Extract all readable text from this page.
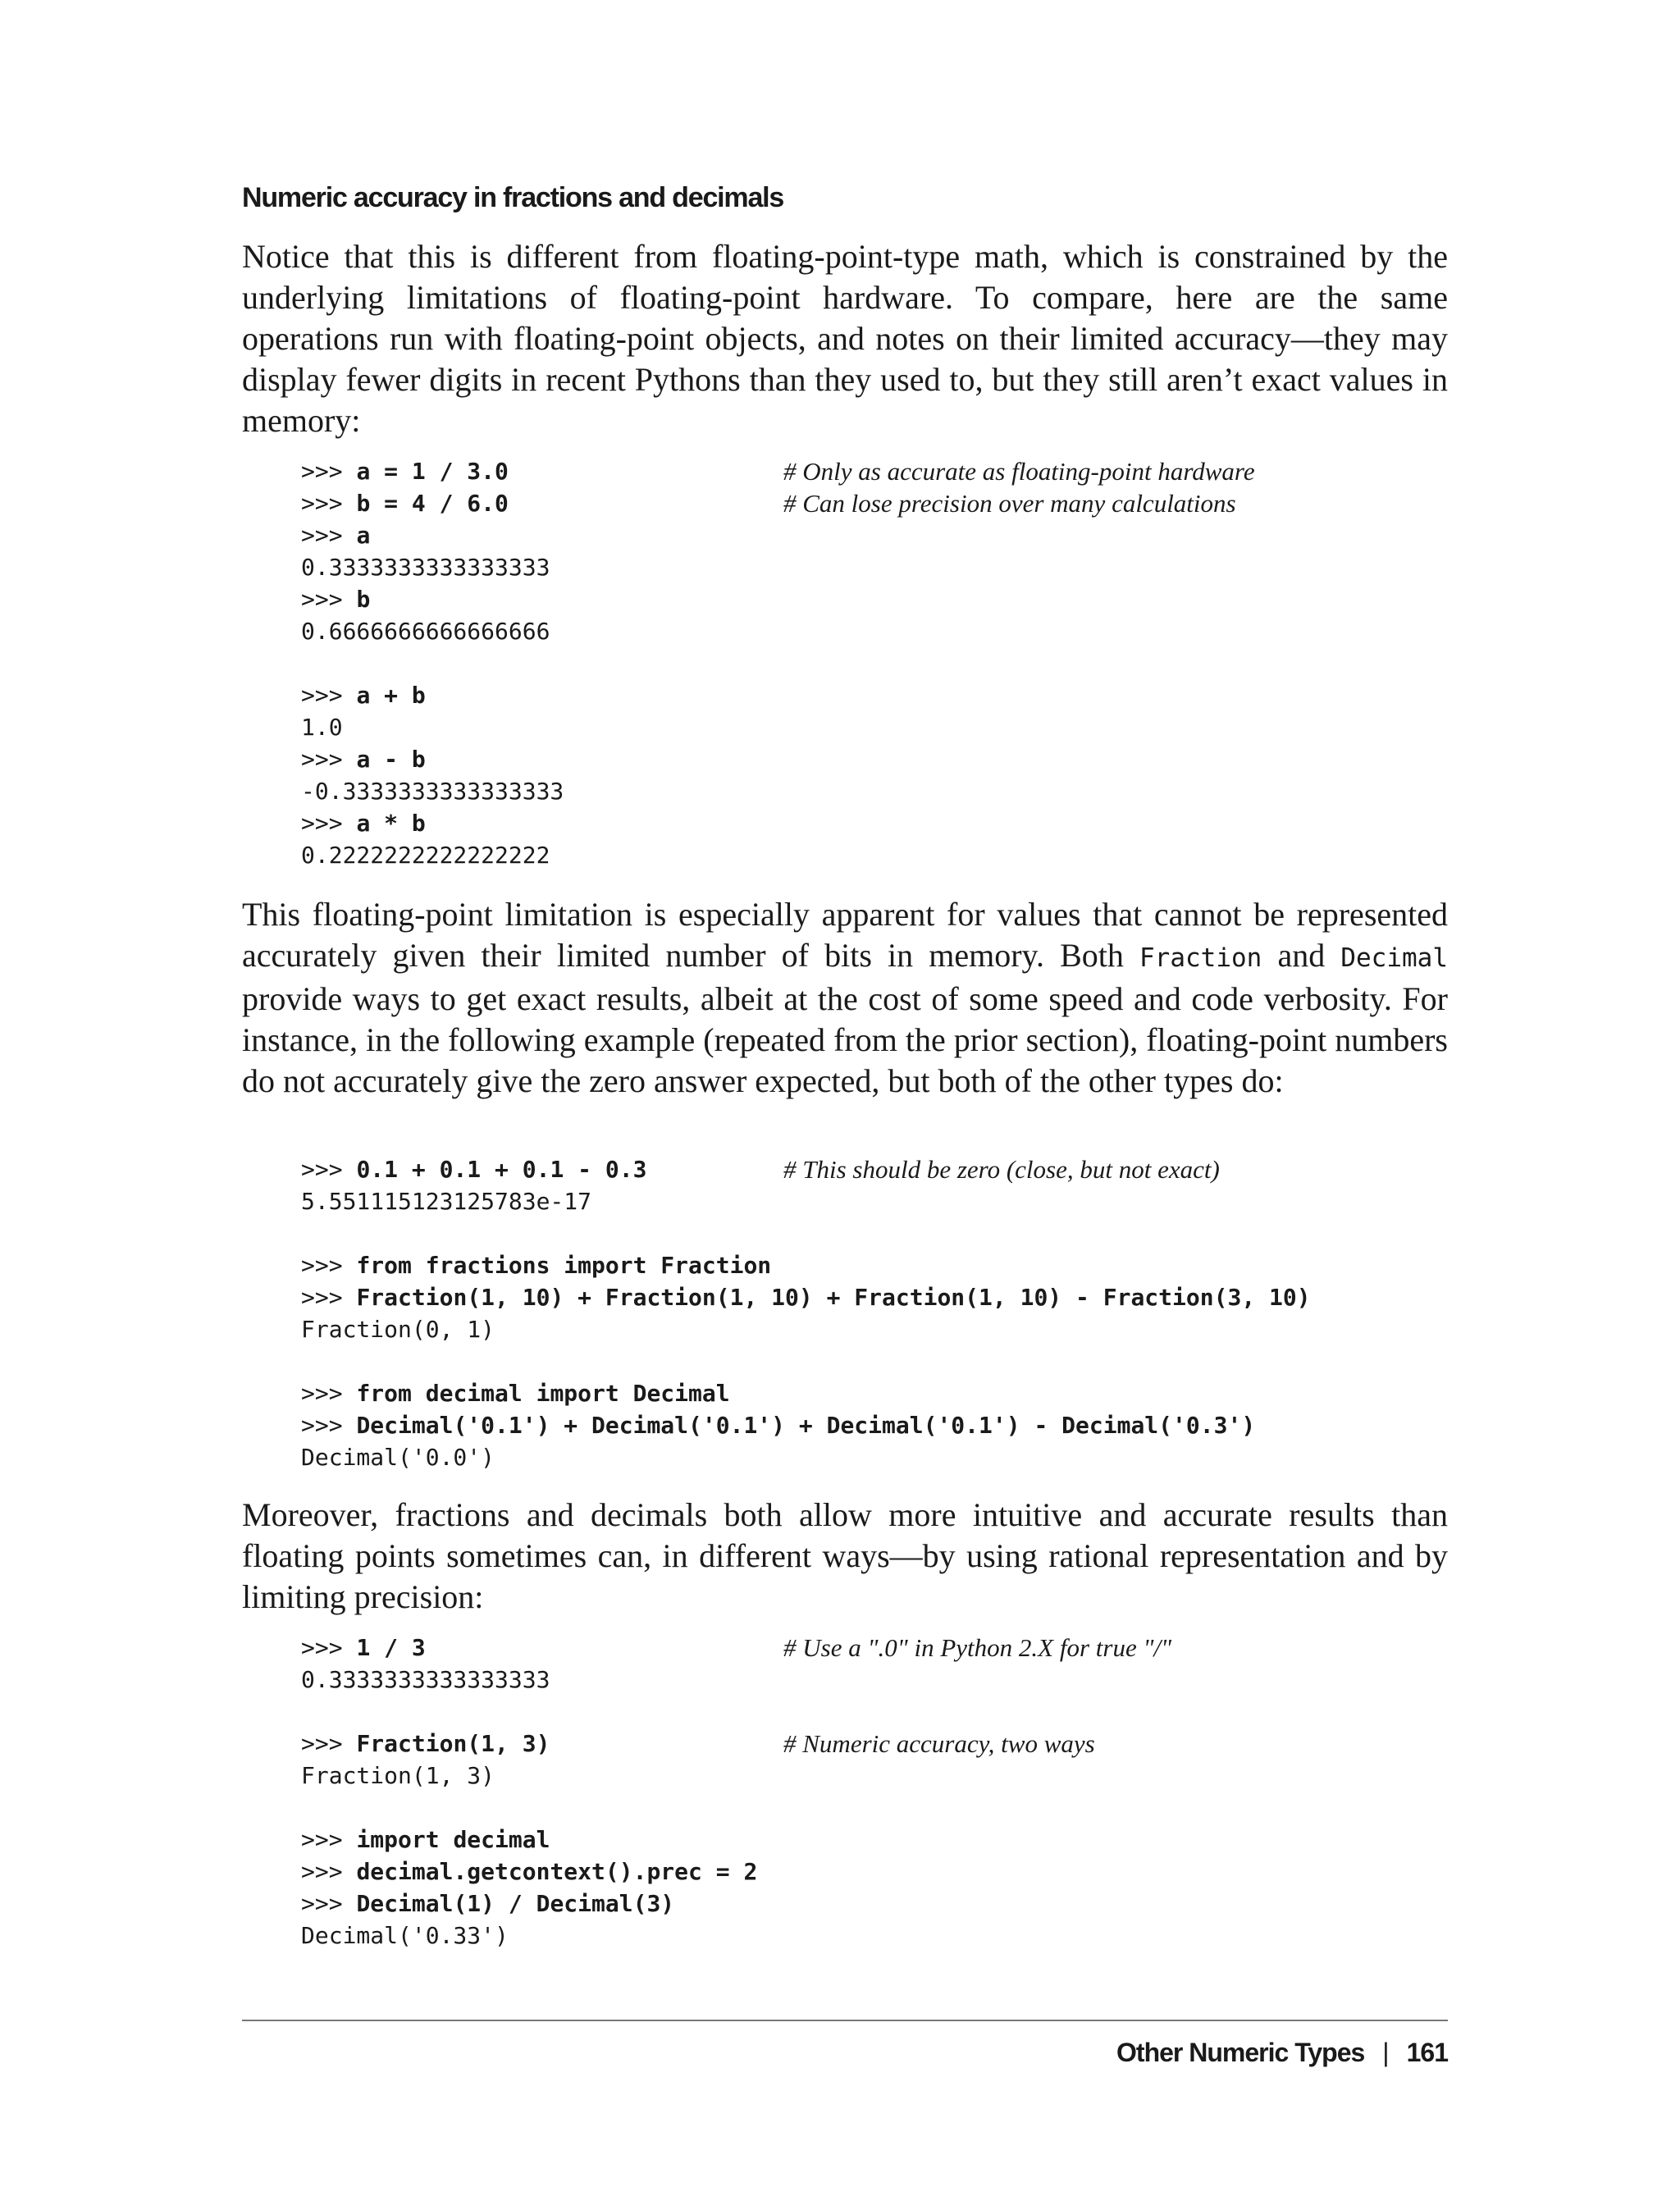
Numeric accuracy in fractions and decimals

Notice that this is different from floating-point-type math, which is constrained by the underlying limitations of floating-point hardware. To compare, here are the same operations run with floating-point objects, and notes on their limited accuracy—they may display fewer digits in recent Pythons than they used to, but they still aren’t exact values in memory:

>>> a = 1 / 3.0	# Only as accurate as floating-point hardware
>>> b = 4 / 6.0	# Can lose precision over many calculations
>>> a
0.3333333333333333
>>> b
0.6666666666666666
>>> a + b
1.0
>>> a - b
-0.3333333333333333
>>> a * b
0.2222222222222222

This floating-point limitation is especially apparent for values that cannot be represented accurately given their limited number of bits in memory. Both Fraction and Decimal provide ways to get exact results, albeit at the cost of some speed and code verbosity. For instance, in the following example (repeated from the prior section), floating-point numbers do not accurately give the zero answer expected, but both of the other types do:

>>> 0.1 + 0.1 + 0.1 - 0.3	# This should be zero (close, but not exact)
5.551115123125783e-17
>>> from fractions import Fraction
>>> Fraction(1, 10) + Fraction(1, 10) + Fraction(1, 10) - Fraction(3, 10)
Fraction(0, 1)
>>> from decimal import Decimal
>>> Decimal('0.1') + Decimal('0.1') + Decimal('0.1') - Decimal('0.3')
Decimal('0.0')

Moreover, fractions and decimals both allow more intuitive and accurate results than floating points sometimes can, in different ways—by using rational representation and by limiting precision:

>>> 1 / 3	# Use a ".0" in Python 2.X for true "/"
0.3333333333333333
>>> Fraction(1, 3)	# Numeric accuracy, two ways
Fraction(1, 3)
>>> import decimal
>>> decimal.getcontext().prec = 2
>>> Decimal(1) / Decimal(3)
Decimal('0.33')
Other Numeric Types | 161
